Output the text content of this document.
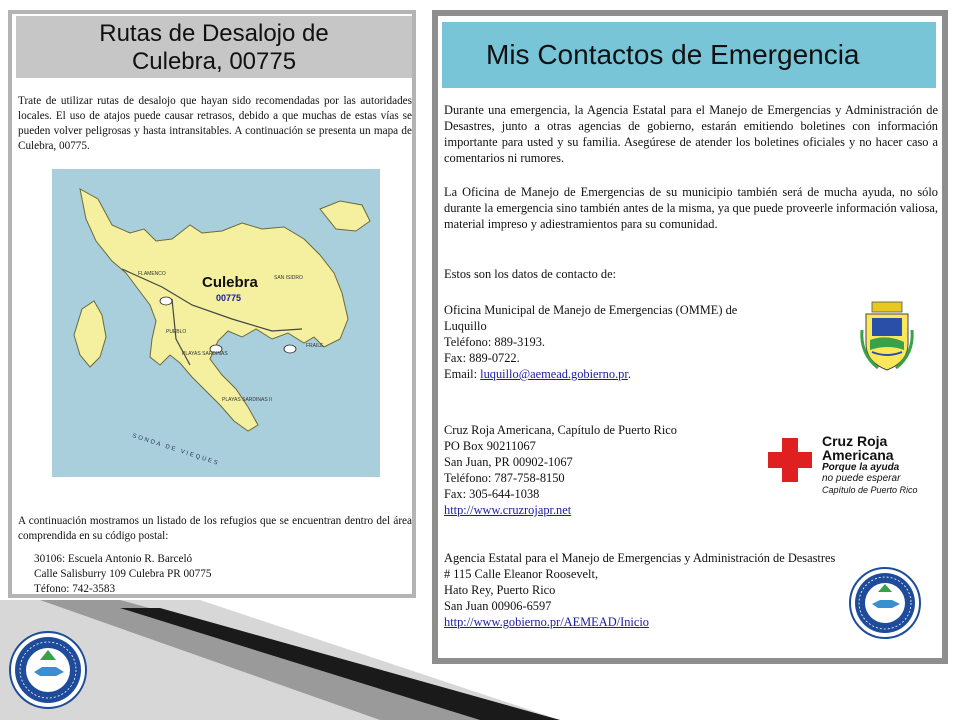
Rutas de Desalojo de
Culebra, 00775
Trate de utilizar rutas de desalojo que hayan sido recomendadas por las autoridades locales. El uso de atajos puede causar retrasos, debido a que muchas de estas vías se pueden volver peligrosas y hasta intransitables. A continuación se presenta un mapa de Culebra, 00775.
Culebra
00775
FLAMENCO
SAN ISIDRO
PUEBLO
FRAILE
PLAYAS SARDINAS
PLAYAS SARDINAS II
SONDA DE VIEQUES
A continuación mostramos un listado de los refugios que se encuentran dentro del área comprendida en su código postal:
30106: Escuela Antonio R. Barceló
Calle Salisburry 109 Culebra PR 00775
Téfono: 742-3583
Mis Contactos de Emergencia
Durante una emergencia, la Agencia Estatal para el Manejo de Emergencias y Administración de Desastres, junto a otras agencias de gobierno, estarán emitiendo boletines con información importante para usted y su familia. Asegúrese de atender los boletines oficiales y no hacer caso a comentarios ni rumores.
La Oficina de Manejo de Emergencias de su municipio también será de mucha ayuda, no sólo durante la emergencia sino también antes de la misma, ya que puede proveerle información valiosa, material impreso y adiestramientos para su comunidad.
Estos son los datos de contacto de:
Oficina Municipal de Manejo de Emergencias (OMME) de
Luquillo
Teléfono: 889-3193.
Fax: 889-0722.
Email: luquillo@aemead.gobierno.pr.
Cruz Roja Americana, Capítulo de Puerto Rico
PO Box 90211067
San Juan, PR 00902-1067
Teléfono: 787-758-8150
Fax: 305-644-1038
http://www.cruzrojapr.net
Cruz Roja
Americana
Porque la ayuda
no puede esperar
Capítulo de Puerto Rico
Agencia Estatal para el Manejo de Emergencias y Administración de Desastres
# 115 Calle Eleanor Roosevelt,
Hato Rey, Puerto Rico
San Juan 00906-6597
http://www.gobierno.pr/AEMEAD/Inicio
